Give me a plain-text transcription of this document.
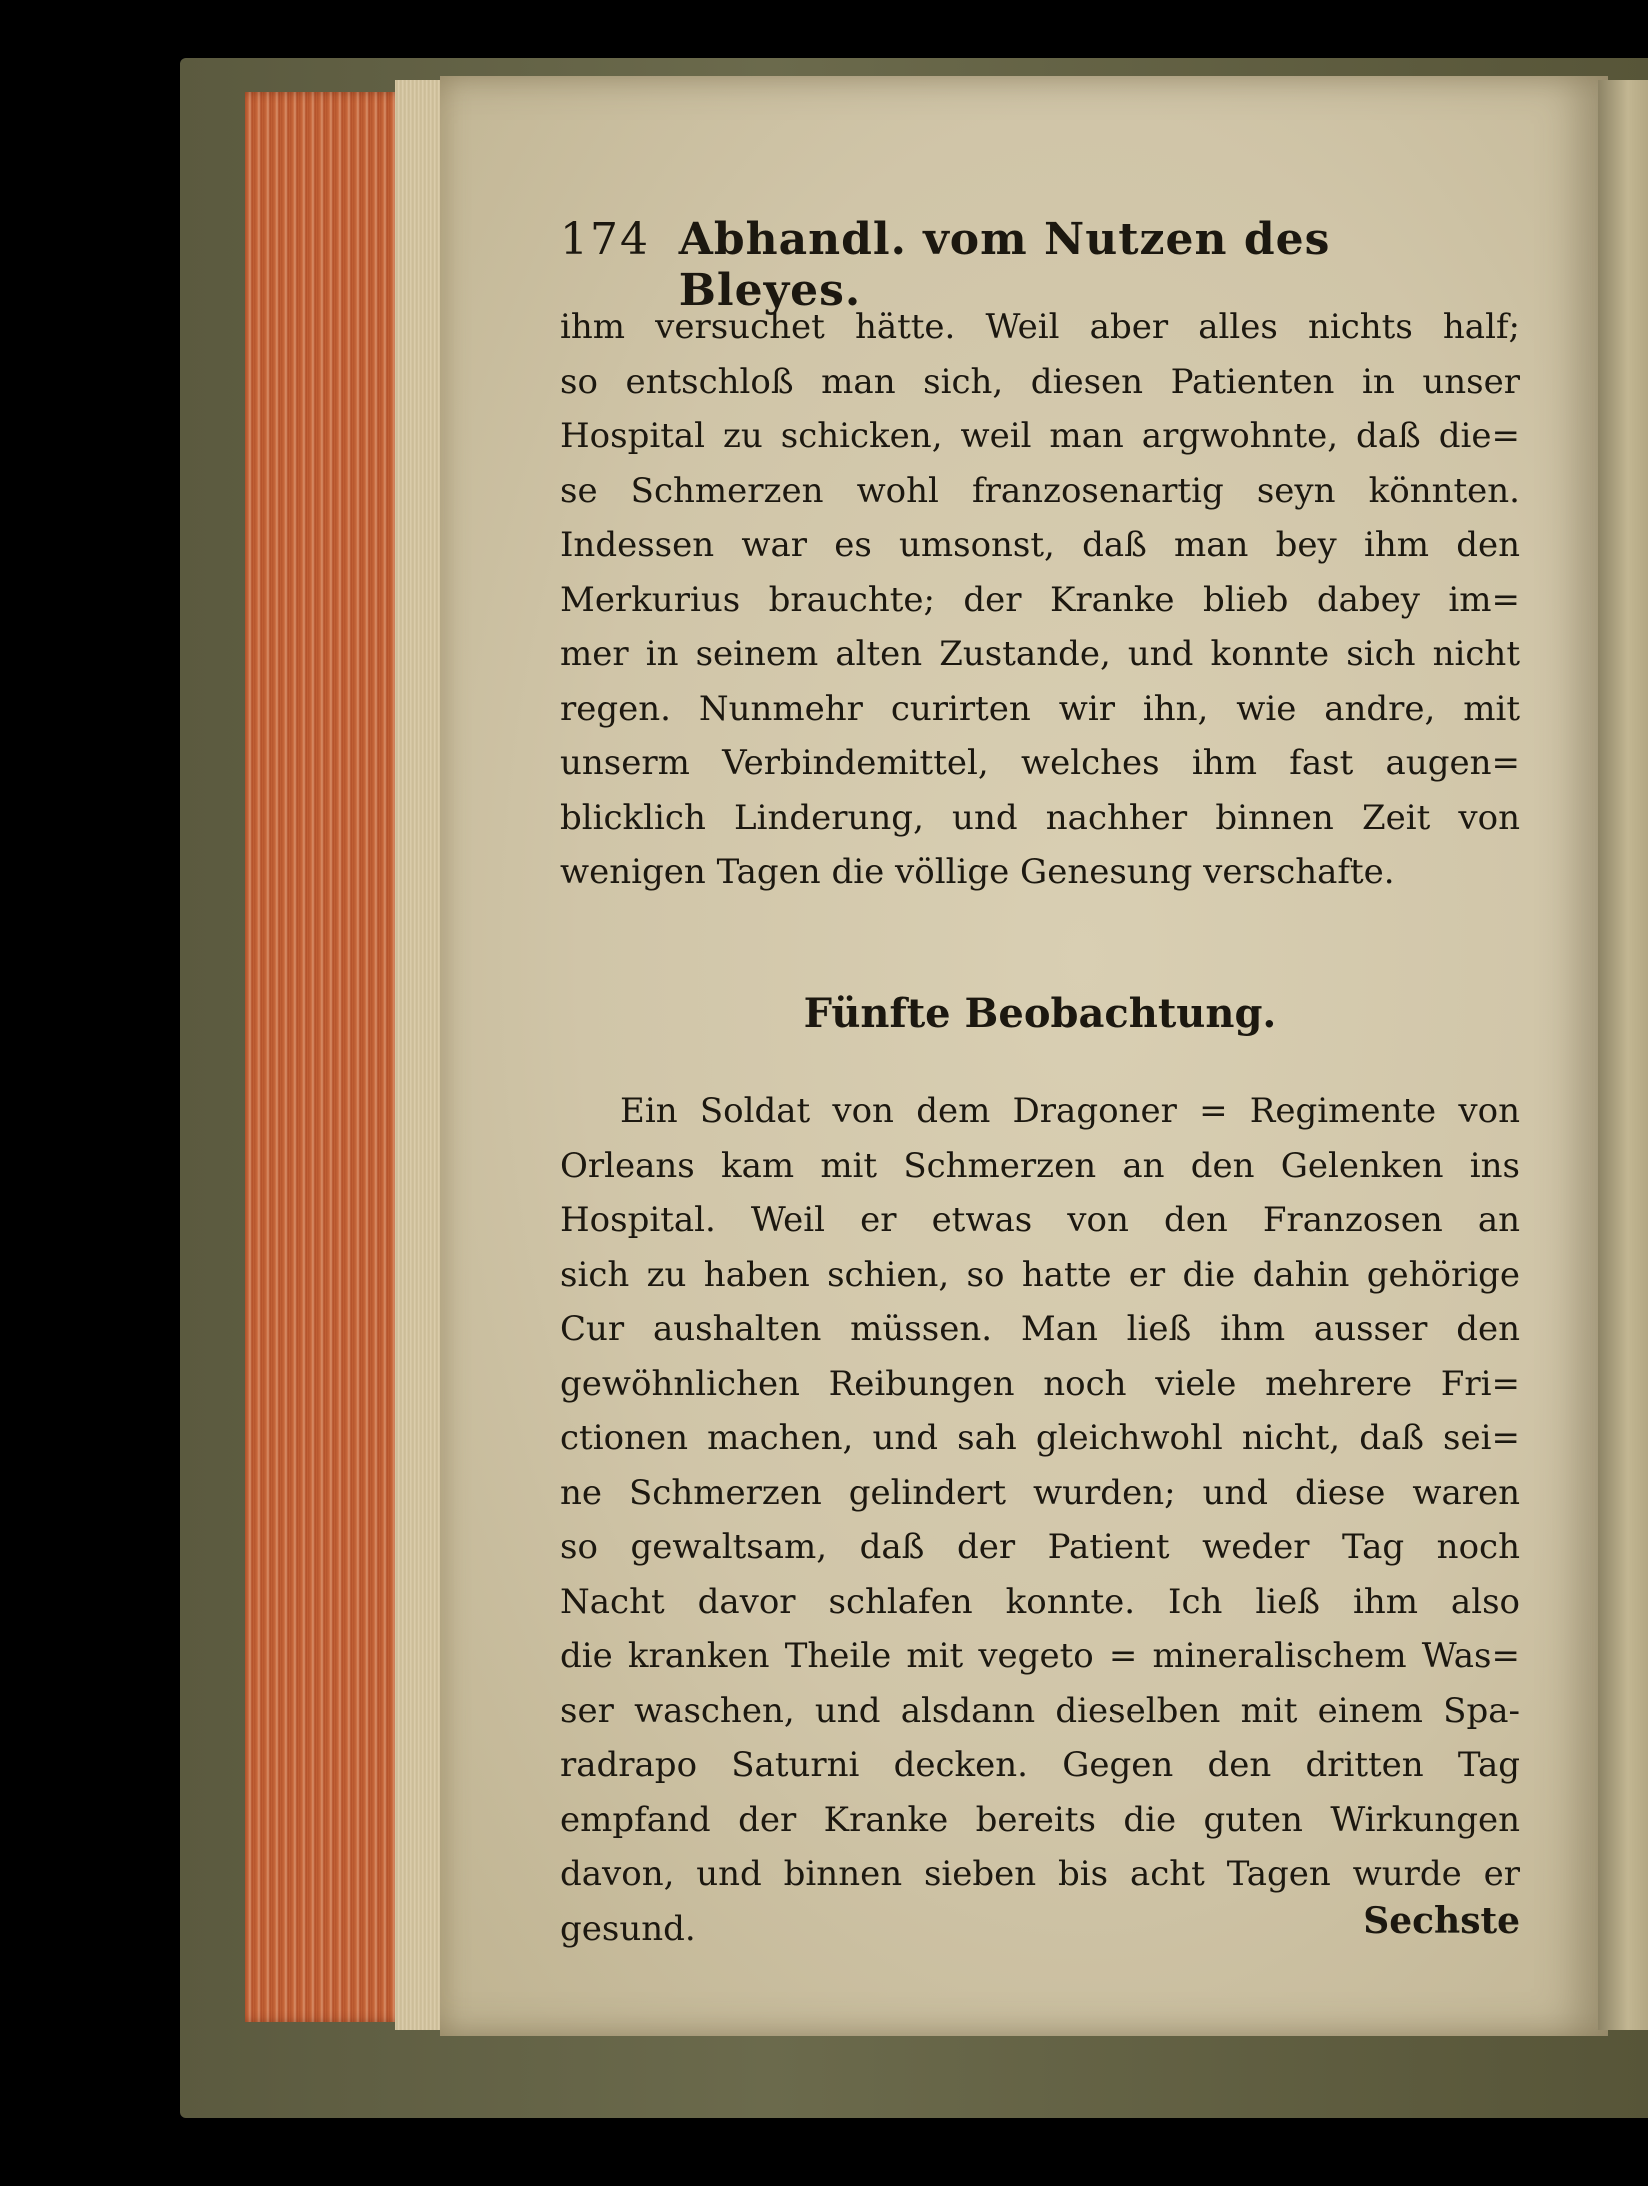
174 Abhandl. vom Nutzen des Bleyes.
ihm versuchet hätte. Weil aber alles nichts half;
so entschloß man sich, diesen Patienten in unser
Hospital zu schicken, weil man argwohnte, daß die=
se Schmerzen wohl franzosenartig seyn könnten.
Indessen war es umsonst, daß man bey ihm den
Merkurius brauchte; der Kranke blieb dabey im=
mer in seinem alten Zustande, und konnte sich nicht
regen. Nunmehr curirten wir ihn, wie andre, mit
unserm Verbindemittel, welches ihm fast augen=
blicklich Linderung, und nachher binnen Zeit von
wenigen Tagen die völlige Genesung verschafte.
Fünfte Beobachtung.
Ein Soldat von dem Dragoner = Regimente von
Orleans kam mit Schmerzen an den Gelenken ins
Hospital. Weil er etwas von den Franzosen an
sich zu haben schien, so hatte er die dahin gehörige
Cur aushalten müssen. Man ließ ihm ausser den
gewöhnlichen Reibungen noch viele mehrere Fri=
ctionen machen, und sah gleichwohl nicht, daß sei=
ne Schmerzen gelindert wurden; und diese waren
so gewaltsam, daß der Patient weder Tag noch
Nacht davor schlafen konnte. Ich ließ ihm also
die kranken Theile mit vegeto = mineralischem Was=
ser waschen, und alsdann dieselben mit einem Spa-
radrapo Saturni decken. Gegen den dritten Tag
empfand der Kranke bereits die guten Wirkungen
davon, und binnen sieben bis acht Tagen wurde er
gesund.	Sechste
